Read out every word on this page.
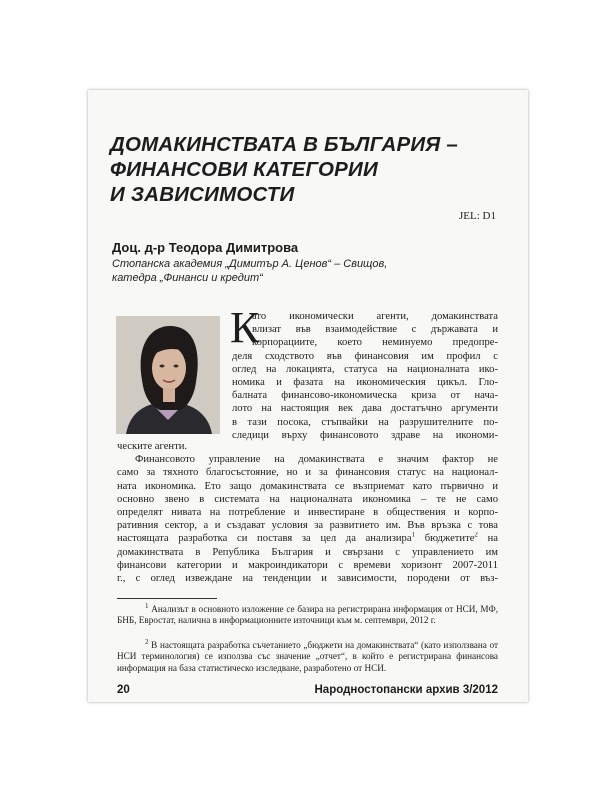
ДОМАКИНСТВАТА В БЪЛГАРИЯ –
ФИНАНСОВИ КАТЕГОРИИ
И ЗАВИСИМОСТИ
JEL: D1
Доц. д-р Теодора Димитрова
Стопанска академия „Димитър А. Ценов“ – Свищов,
катедра „Финанси и кредит“
К
ато икономически агенти, домакинствата
влизат във взаимодействие с държавата и
корпорациите, което неминуемо предопре-
деля сходството във финансовия им профил с
оглед на локацията, статуса на националната ико-
номика и фазата на икономическия цикъл. Гло-
балната финансово-икономическа криза от нача-
лото на настоящия век дава достатъчно аргументи
в тази посока, стъпвайки на разрушителните по-
следици върху финансовото здраве на икономи-
ческите агенти.
Финансовото управление на домакинствата е значим фактор не
само за тяхното благосъстояние, но и за финансовия статус на национал-
ната икономика. Ето защо домакинствата се възприемат като първично и
основно звено в системата на националната икономика – те не само
определят нивата на потребление и инвестиране в обществения и корпо-
ративния сектор, а и създават условия за развитието им. Във връзка с това
настоящата разработка си поставя за цел да анализира$^1$ бюджетите$^2$ на
домакинствата в Република България и свързани с управлението им
финансови категории и макроиндикатори с времеви хоризонт 2007-2011
г., с оглед извеждане на тенденции и зависимости, породени от въз-
$^1$ Анализът в основното изложение се базира на регистрирана информация от НСИ, МФ, БНБ, Евростат, налична в информационните източници към м. септември, 2012 г.
$^2$ В настоящата разработка съчетанието „бюджети на домакинствата“ (като използвана от НСИ терминология) се използва със значение „отчет“, в който е регистрирана финансова информация на база статистическо изследване, разработено от НСИ.
20	Народностопански архив 3/2012
